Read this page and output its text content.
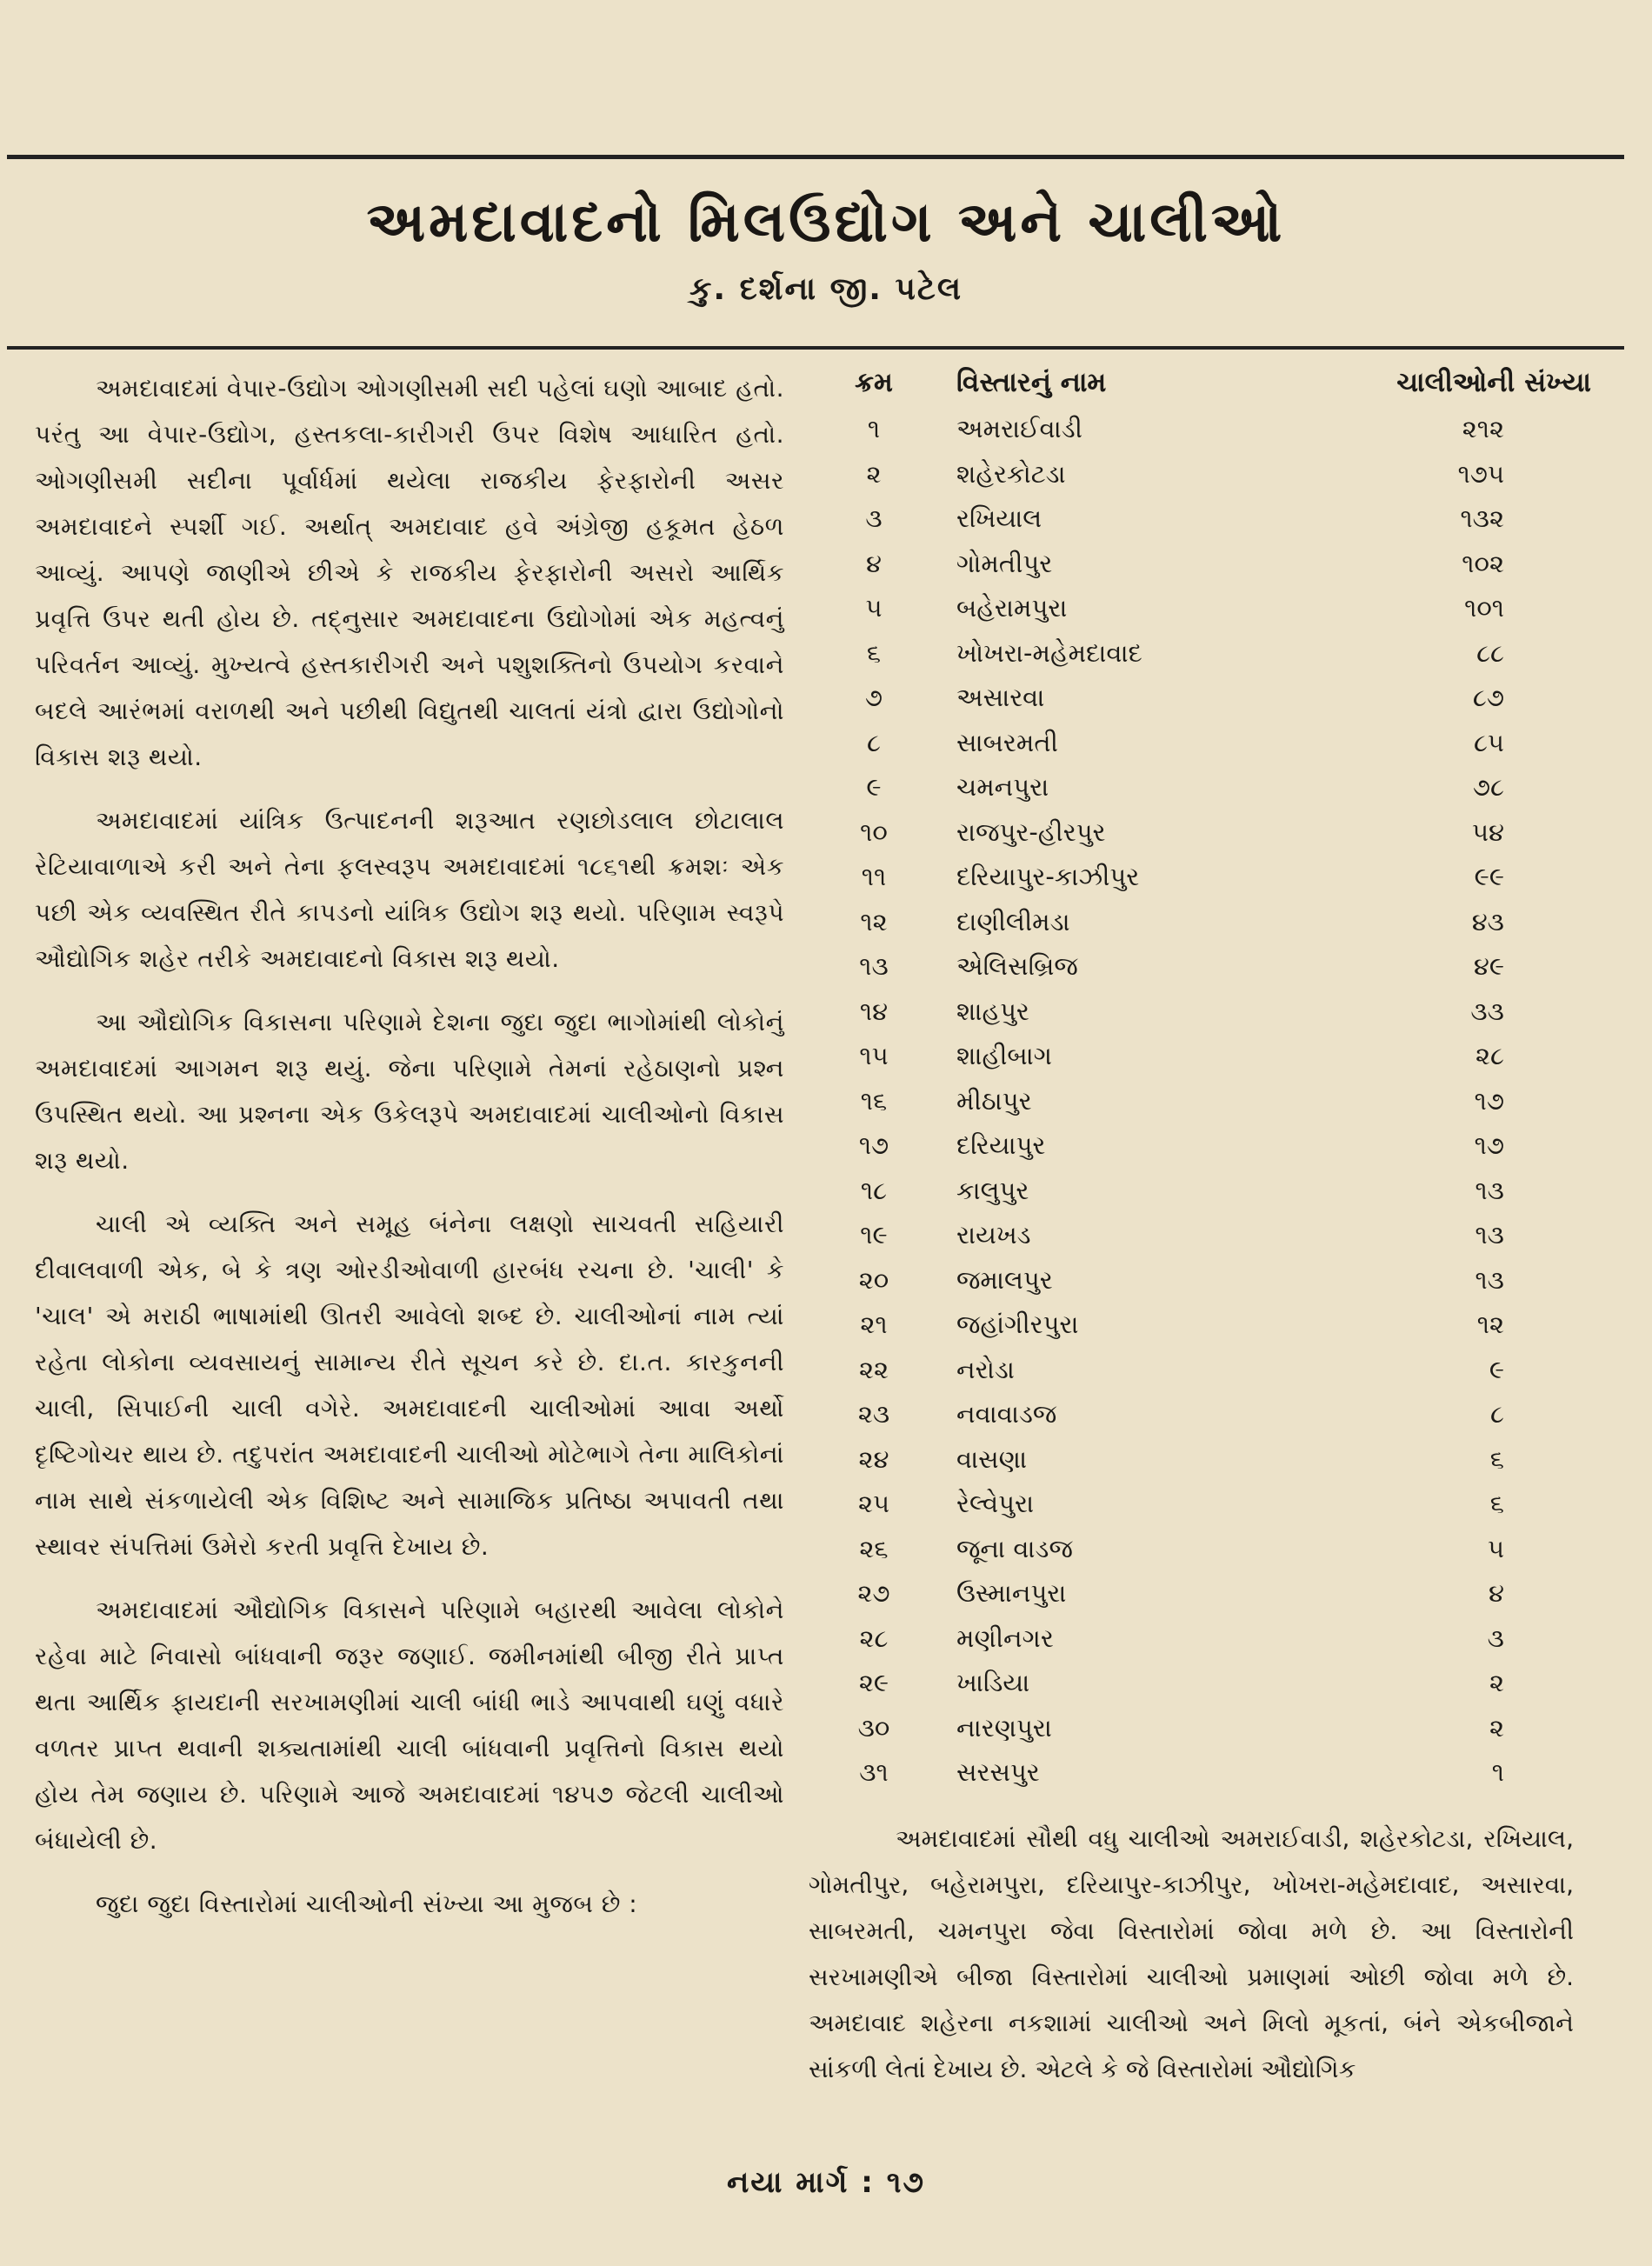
અમદાવાદનો મિલઉદ્યોગ અને ચાલીઓ
કુ. દર્શના જી. પટેલ

અમદાવાદમાં વેપાર-ઉદ્યોગ ઓગણીસમી સદી પહેલાં ઘણો આબાદ હતો. પરંતુ આ વેપાર-ઉદ્યોગ, હસ્તકલા-કારીગરી ઉપર વિશેષ આધારિત હતો. ઓગણીસમી સદીના પૂર્વાર્ધમાં થયેલા રાજકીય ફેરફારોની અસર અમદાવાદને સ્પર્શી ગઈ. અર્થાત્ અમદાવાદ હવે અંગ્રેજી હકૂમત હેઠળ આવ્યું. આપણે જાણીએ છીએ કે રાજકીય ફેરફારોની અસરો આર્થિક પ્રવૃત્તિ ઉપર થતી હોય છે. તદ્નુસાર અમદાવાદના ઉદ્યોગોમાં એક મહત્વનું પરિવર્તન આવ્યું. મુખ્યત્વે હસ્તકારીગરી અને પશુશક્તિનો ઉપયોગ કરવાને બદલે આરંભમાં વરાળથી અને પછીથી વિદ્યુતથી ચાલતાં યંત્રો દ્વારા ઉદ્યોગોનો વિકાસ શરૂ થયો.

અમદાવાદમાં યાંત્રિક ઉત્પાદનની શરૂઆત રણછોડલાલ છોટાલાલ રેટિયાવાળાએ કરી અને તેના ફલસ્વરૂપ અમદાવાદમાં ૧૮૬૧થી ક્રમશઃ એક પછી એક વ્યવસ્થિત રીતે કાપડનો યાંત્રિક ઉદ્યોગ શરૂ થયો. પરિણામ સ્વરૂપે ઔદ્યોગિક શહેર તરીકે અમદાવાદનો વિકાસ શરૂ થયો.

આ ઔદ્યોગિક વિકાસના પરિણામે દેશના જુદા જુદા ભાગોમાંથી લોકોનું અમદાવાદમાં આગમન શરૂ થયું. જેના પરિણામે તેમનાં રહેઠાણનો પ્રશ્ન ઉપસ્થિત થયો. આ પ્રશ્નના એક ઉકેલરૂપે અમદાવાદમાં ચાલીઓનો વિકાસ શરૂ થયો.

ચાલી એ વ્યક્તિ અને સમૂહ બંનેના લક્ષણો સાચવતી સહિયારી દીવાલવાળી એક, બે કે ત્રણ ઓરડીઓવાળી હારબંધ રચના છે. 'ચાલી' કે 'ચાલ' એ મરાઠી ભાષામાંથી ઊતરી આવેલો શબ્દ છે. ચાલીઓનાં નામ ત્યાં રહેતા લોકોના વ્યવસાયનું સામાન્ય રીતે સૂચન કરે છે. દા.ત. કારકુનની ચાલી, સિપાઈની ચાલી વગેરે. અમદાવાદની ચાલીઓમાં આવા અર્થો દૃષ્ટિગોચર થાય છે. તદુપરાંત અમદાવાદની ચાલીઓ મોટેભાગે તેના માલિકોનાં નામ સાથે સંકળાયેલી એક વિશિષ્ટ અને સામાજિક પ્રતિષ્ઠા અપાવતી તથા સ્થાવર સંપત્તિમાં ઉમેરો કરતી પ્રવૃત્તિ દેખાય છે.

અમદાવાદમાં ઔદ્યોગિક વિકાસને પરિણામે બહારથી આવેલા લોકોને રહેવા માટે નિવાસો બાંધવાની જરૂર જણાઈ. જમીનમાંથી બીજી રીતે પ્રાપ્ત થતા આર્થિક ફાયદાની સરખામણીમાં ચાલી બાંધી ભાડે આપવાથી ઘણું વધારે વળતર પ્રાપ્ત થવાની શક્યતામાંથી ચાલી બાંધવાની પ્રવૃત્તિનો વિકાસ થયો હોય તેમ જણાય છે. પરિણામે આજે અમદાવાદમાં ૧૪૫૭ જેટલી ચાલીઓ બંધાયેલી છે.

જુદા જુદા વિસ્તારોમાં ચાલીઓની સંખ્યા આ મુજબ છે :

ક્રમ	વિસ્તારનું નામ	ચાલીઓની સંખ્યા
૧	અમરાઈવાડી	૨૧૨
૨	શહેરકોટડા	૧૭૫
૩	રખિયાલ	૧૩૨
૪	ગોમતીપુર	૧૦૨
૫	બહેરામપુરા	૧૦૧
૬	ખોખરા-મહેમદાવાદ	૮૮
૭	અસારવા	૮૭
૮	સાબરમતી	૮૫
૯	ચમનપુરા	૭૮
૧૦	રાજપુર-હીરપુર	૫૪
૧૧	દરિયાપુર-કાઝીપુર	૯૯
૧૨	દાણીલીમડા	૪૩
૧૩	એલિસબ્રિજ	૪૯
૧૪	શાહપુર	૩૩
૧૫	શાહીબાગ	૨૮
૧૬	મીઠાપુર	૧૭
૧૭	દરિયાપુર	૧૭
૧૮	કાલુપુર	૧૩
૧૯	રાયખડ	૧૩
૨૦	જમાલપુર	૧૩
૨૧	જહાંગીરપુરા	૧૨
૨૨	નરોડા	૯
૨૩	નવાવાડજ	૮
૨૪	વાસણા	૬
૨૫	રેલ્વેપુરા	૬
૨૬	જૂના વાડજ	૫
૨૭	ઉસ્માનપુરા	૪
૨૮	મણીનગર	૩
૨૯	ખાડિયા	૨
૩૦	નારણપુરા	૨
૩૧	સરસપુર	૧

અમદાવાદમાં સૌથી વધુ ચાલીઓ અમરાઈવાડી, શહેરકોટડા, રખિયાલ, ગોમતીપુર, બહેરામપુરા, દરિયાપુર-કાઝીપુર, ખોખરા-મહેમદાવાદ, અસારવા, સાબરમતી, ચમનપુરા જેવા વિસ્તારોમાં જોવા મળે છે. આ વિસ્તારોની સરખામણીએ બીજા વિસ્તારોમાં ચાલીઓ પ્રમાણમાં ઓછી જોવા મળે છે. અમદાવાદ શહેરના નકશામાં ચાલીઓ અને મિલો મૂકતાં, બંને એકબીજાને સાંકળી લેતાં દેખાય છે. એટલે કે જે વિસ્તારોમાં ઔદ્યોગિક

નયા માર્ગ : ૧૭
